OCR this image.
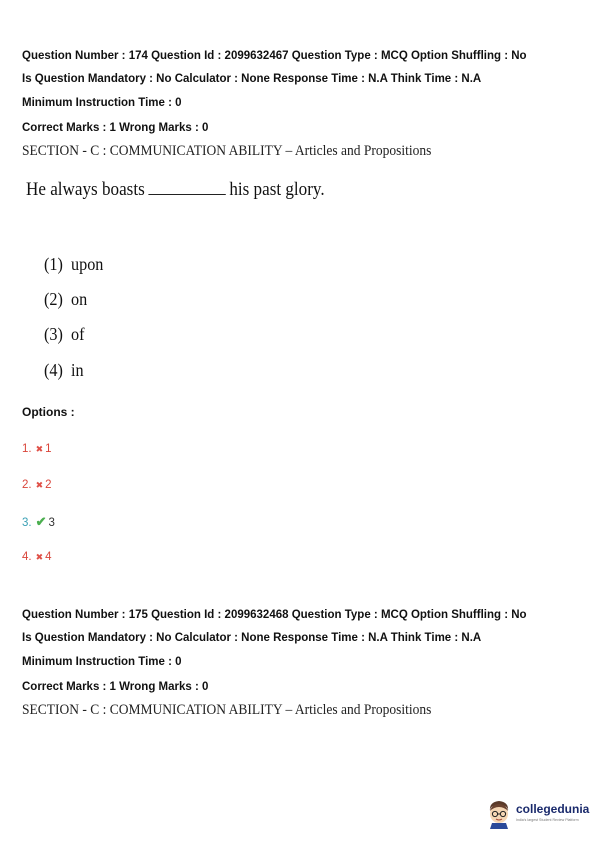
Question Number : 174 Question Id : 2099632467 Question Type : MCQ Option Shuffling : No
Is Question Mandatory : No Calculator : None Response Time : N.A Think Time : N.A
Minimum Instruction Time : 0
Correct Marks : 1 Wrong Marks : 0
SECTION - C : COMMUNICATION ABILITY – Articles and Propositions
He always boasts	his past glory.
(1) upon
(2) on
(3) of
(4) in
Options :
1. ✖ 1
2. ✖ 2
3. ✔ 3
4. ✖ 4
Question Number : 175 Question Id : 2099632468 Question Type : MCQ Option Shuffling : No
Is Question Mandatory : No Calculator : None Response Time : N.A Think Time : N.A
Minimum Instruction Time : 0
Correct Marks : 1 Wrong Marks : 0
SECTION - C : COMMUNICATION ABILITY – Articles and Propositions
collegedunia
India's largest Student Review Platform
